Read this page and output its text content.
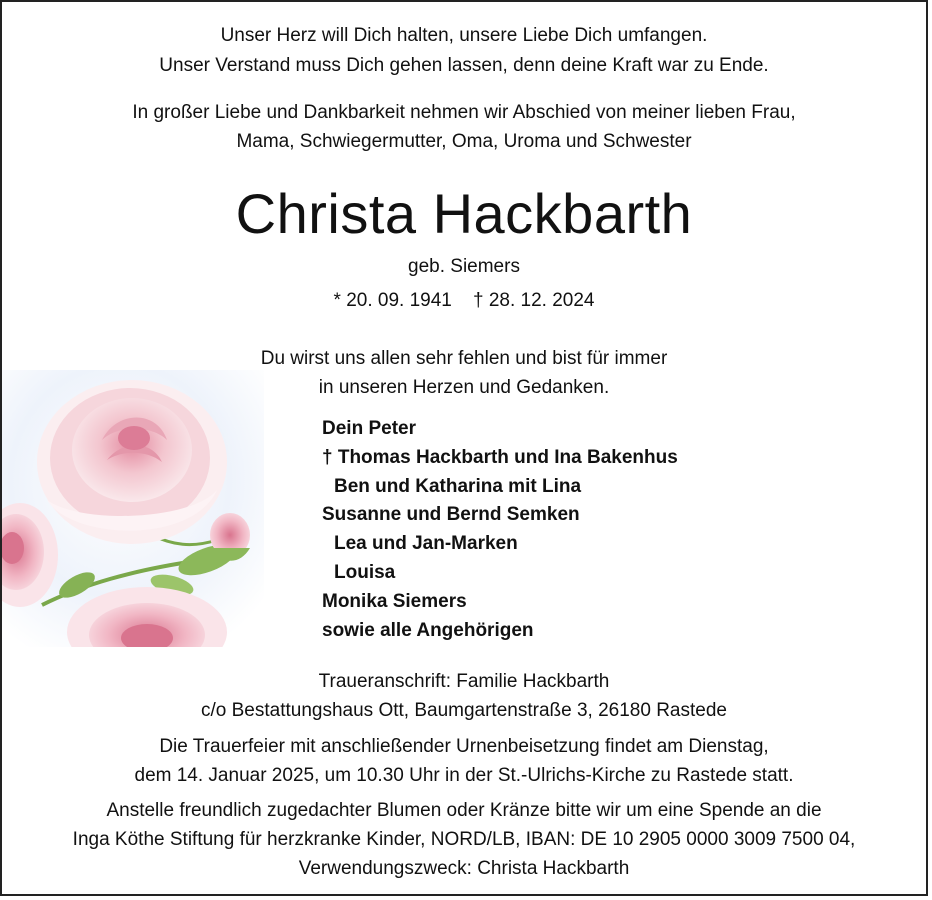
Unser Herz will Dich halten, unsere Liebe Dich umfangen.
Unser Verstand muss Dich gehen lassen, denn deine Kraft war zu Ende.
In großer Liebe und Dankbarkeit nehmen wir Abschied von meiner lieben Frau,
Mama, Schwiegermutter, Oma, Uroma und Schwester
Christa Hackbarth
geb. Siemers
* 20. 09. 1941    † 28. 12. 2024
Du wirst uns allen sehr fehlen und bist für immer
in unseren Herzen und Gedanken.
Dein Peter
† Thomas Hackbarth und Ina Bakenhus
Ben und Katharina mit Lina
Susanne und Bernd Semken
Lea und Jan-Marken
Louisa
Monika Siemers
sowie alle Angehörigen
Traueranschrift: Familie Hackbarth
c/o Bestattungshaus Ott, Baumgartenstraße 3, 26180 Rastede
Die Trauerfeier mit anschließender Urnenbeisetzung findet am Dienstag,
dem 14. Januar 2025, um 10.30 Uhr in der St.-Ulrichs-Kirche zu Rastede statt.
Anstelle freundlich zugedachter Blumen oder Kränze bitte wir um eine Spende an die
Inga Köthe Stiftung für herzkranke Kinder, NORD/LB, IBAN: DE 10 2905 0000 3009 7500 04,
Verwendungszweck: Christa Hackbarth
